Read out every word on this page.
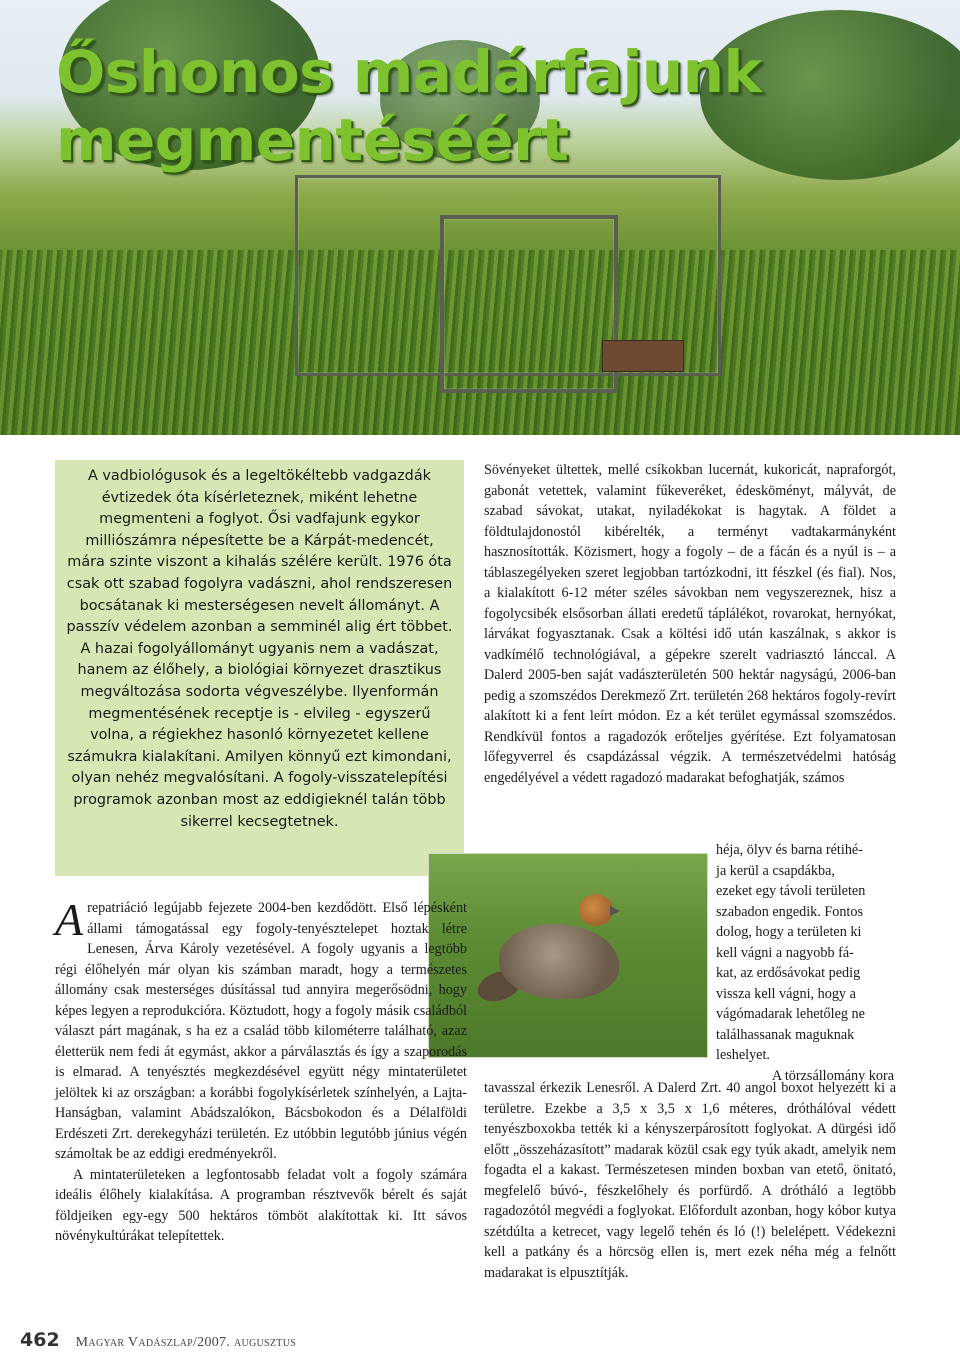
Őshonos madárfajunk
megmentéséért

A vadbiológusok és a legeltökéltebb vadgazdák évtizedek óta kísérleteznek, miként lehetne megmenteni a foglyot. Ősi vadfajunk egykor milliószámra népesítette be a Kárpát-medencét, mára szinte viszont a kihalás szélére került. 1976 óta csak ott szabad fogolyra vadászni, ahol rendszeresen bocsátanak ki mesterségesen nevelt állományt. A passzív védelem azonban a semminél alig ért többet. A hazai fogolyállományt ugyanis nem a vadászat, hanem az élőhely, a biológiai környezet drasztikus megváltozása sodorta végveszélybe. Ilyenformán megmentésének receptje is - elvileg - egyszerű volna, a régiekhez hasonló környezetet kellene számukra kialakítani. Amilyen könnyű ezt kimondani, olyan nehéz megvalósítani. A fogoly-visszatelepítési programok azonban most az eddigieknél talán több sikerrel kecsegtetnek.

Sövényeket ültettek, mellé csíkokban lucernát, kukoricát, napraforgót, gabonát vetettek, valamint fűkeveréket, édesköményt, mályvát, de szabad sávokat, utakat, nyiladékokat is hagytak. A földet a földtulajdonostól kibérelték, a terményt vadtakarmányként hasznosították. Közismert, hogy a fogoly – de a fácán és a nyúl is – a táblaszegélyeken szeret legjobban tartózkodni, itt fészkel (és fial). Nos, a kialakított 6-12 méter széles sávokban nem vegyszereznek, hisz a fogolycsibék elsősorban állati eredetű táplálékot, rovarokat, hernyókat, lárvákat fogyasztanak. Csak a költési idő után kaszálnak, s akkor is vadkímélő technológiával, a gépekre szerelt vadriasztó lánccal. A Dalerd 2005-ben saját vadászterületén 500 hektár nagyságú, 2006-ban pedig a szomszédos Derekmező Zrt. területén 268 hektáros fogoly-revírt alakított ki a fent leírt módon. Ez a két terület egymással szomszédos. Rendkívül fontos a ragadozók erőteljes gyérítése. Ezt folyamatosan lőfegyverrel és csapdázással végzik. A természetvédelmi hatóság engedélyével a védett ragadozó madarakat befoghatják, számos

héja, ölyv és barna rétihé-
ja kerül a csapdákba,
ezeket egy távoli területen
szabadon engedik. Fontos
dolog, hogy a területen ki
kell vágni a nagyobb fá-
kat, az erdősávokat pedig
vissza kell vágni, hogy a
vágómadarak lehetőleg ne
találhassanak maguknak
leshelyet.
A törzsállomány kora

tavasszal érkezik Lenesről. A Dalerd Zrt. 40 angol boxot helyezett ki a területre. Ezekbe a 3,5 x 3,5 x 1,6 méteres, dróthálóval védett tenyészboxokba tették ki a kényszerpárosított foglyokat. A dürgési idő előtt „összeházasított” madarak közül csak egy tyúk akadt, amelyik nem fogadta el a kakast. Természetesen minden boxban van etető, önitató, megfelelő búvó-, fészkelőhely és porfürdő. A drótháló a legtöbb ragadozótól megvédi a foglyokat. Előfordult azonban, hogy kóbor kutya szétdúlta a ketrecet, vagy legelő tehén és ló (!) belelépett. Védekezni kell a patkány és a hörcsög ellen is, mert ezek néha még a felnőtt madarakat is elpusztítják.

Arepatriáció legújabb fejezete 2004-ben kezdődött. Első lépésként állami támogatással egy fogoly-tenyésztelepet hoztak létre Lenesen, Árva Károly vezetésével. A fogoly ugyanis a legtöbb régi élőhelyén már olyan kis számban maradt, hogy a természetes állomány csak mesterséges dúsítással tud annyira megerősödni, hogy képes legyen a reprodukcióra. Köztudott, hogy a fogoly másik családból választ párt magának, s ha ez a család több kilométerre található, azaz életterük nem fedi át egymást, akkor a párválasztás és így a szaporodás is elmarad. A tenyésztés megkezdésével együtt négy mintaterületet jelöltek ki az országban: a korábbi fogolykísérletek színhelyén, a Lajta-Hanságban, valamint Abádszalókon, Bácsbokodon és a Délalföldi Erdészeti Zrt. derekegyházi területén. Ez utóbbin legutóbb június végén számoltak be az eddigi eredményekről.

A mintaterületeken a legfontosabb feladat volt a fogoly számára ideális élőhely kialakítása. A programban résztvevők bérelt és saját földjeiken egy-egy 500 hektáros tömböt alakítottak ki. Itt sávos növénykultúrákat telepítettek.

462 Magyar Vadászlap/2007. augusztus
